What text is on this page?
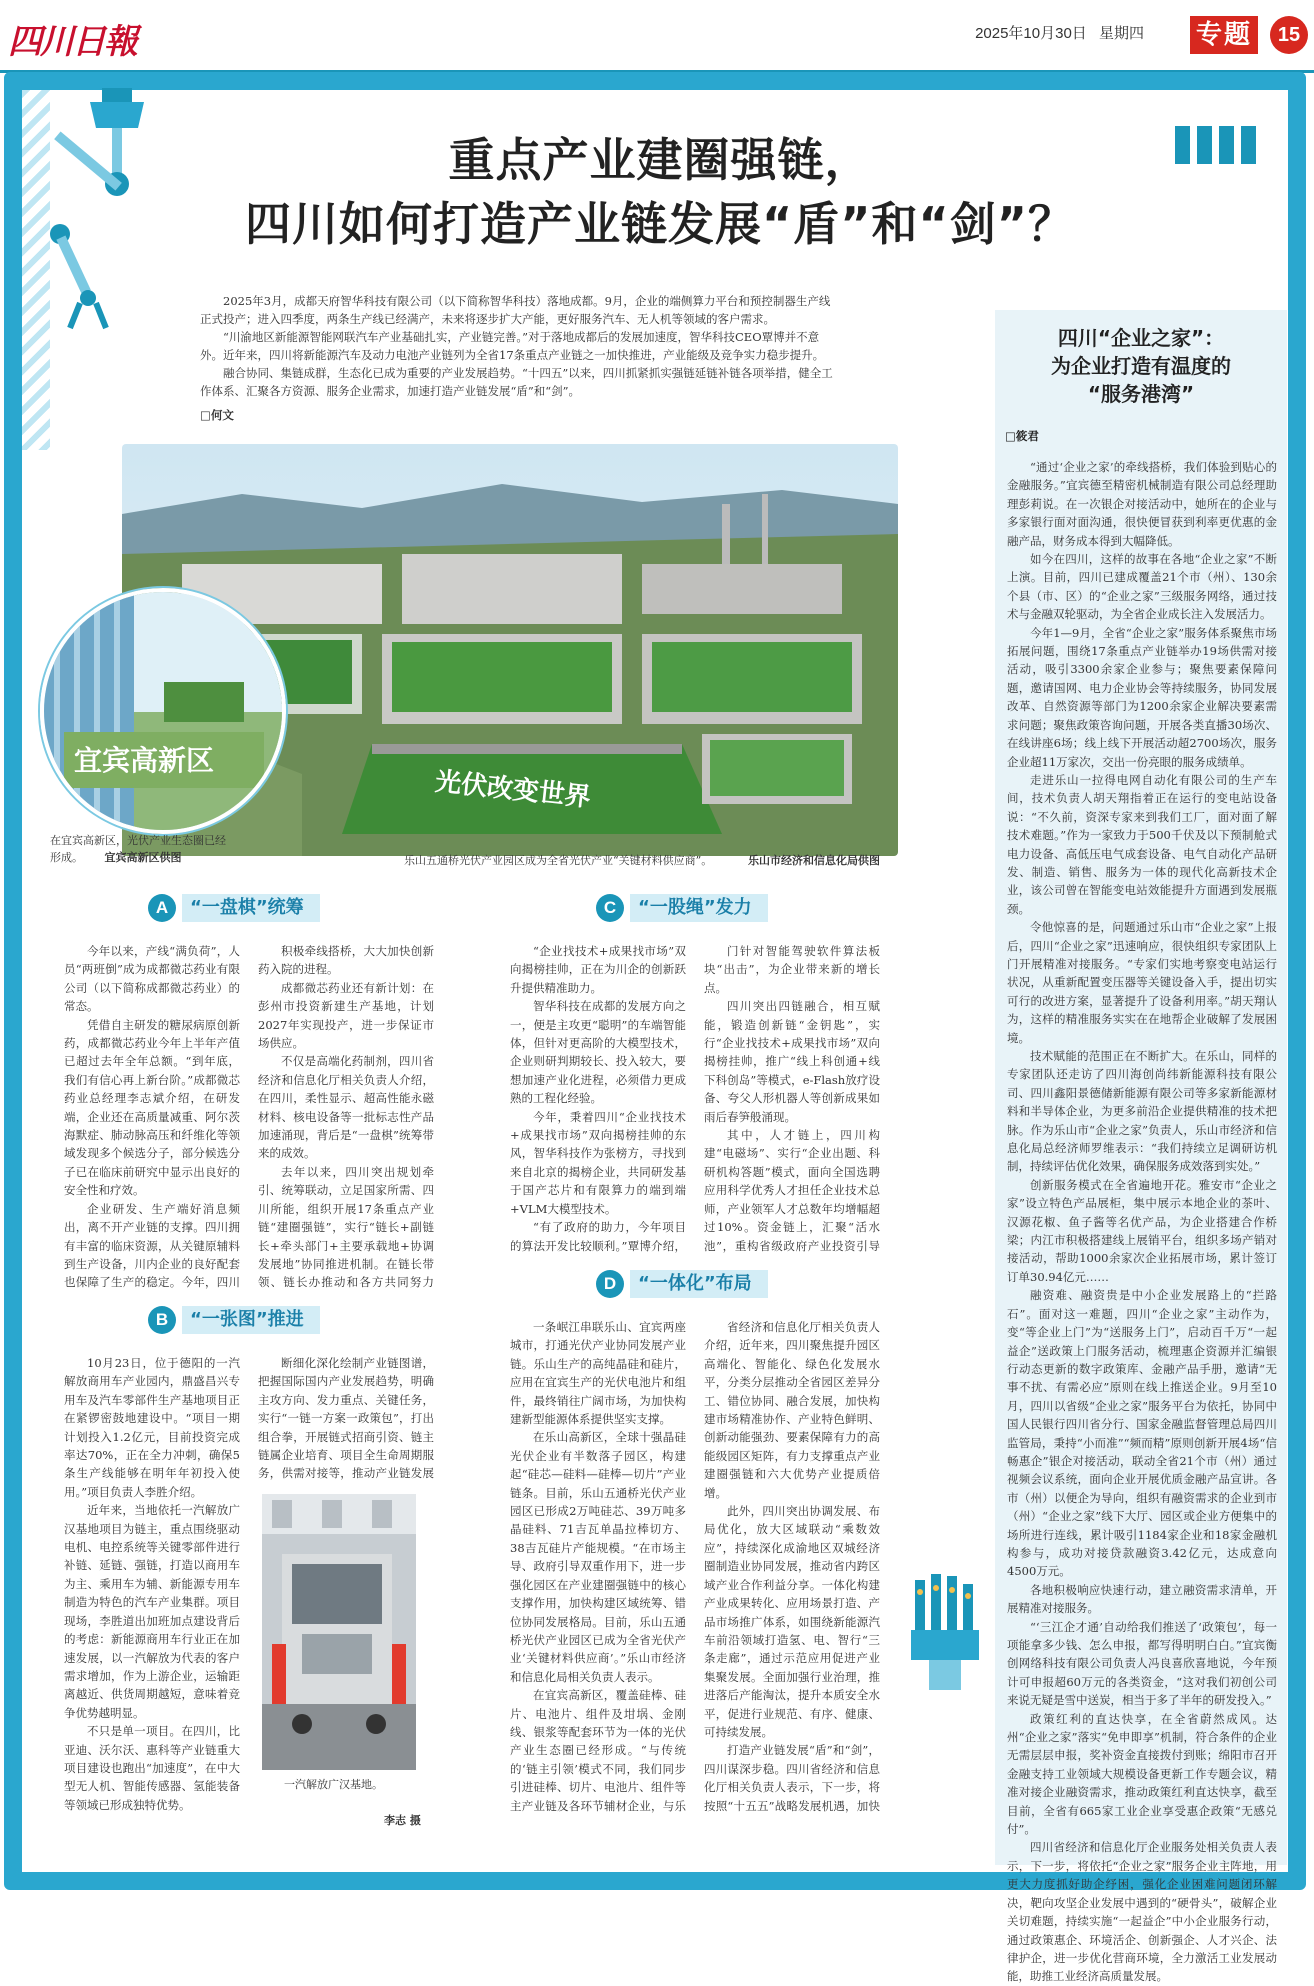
四川日報	2025年10月30日 星期四 专题	15
重点产业建圈强链，
四川如何打造产业链发展“盾”和“剑”？

2025年3月，成都天府智华科技有限公司（以下简称智华科技）落地成都。9月，企业的端侧算力平台和预控制器生产线正式投产；进入四季度，两条生产线已经满产，未来将逐步扩大产能，更好服务汽车、无人机等领域的客户需求。

“川渝地区新能源智能网联汽车产业基础扎实，产业链完善。”对于落地成都后的发展加速度，智华科技CEO覃博并不意外。近年来，四川将新能源汽车及动力电池产业链列为全省17条重点产业链之一加快推进，产业能级及竞争实力稳步提升。

融合协同、集链成群，生态化已成为重要的产业发展趋势。“十四五”以来，四川抓紧抓实强链延链补链各项举措，健全工作体系、汇聚各方资源、服务企业需求，加速打造产业链发展“盾”和“剑”。

□何文

光伏改变世界
宜宾高新区
在宜宾高新区，光伏产业生态圈已经形成。 宜宾高新区供图	乐山五通桥光伏产业园区成为全省光伏产业“关键材料供应商”。	乐山市经济和信息化局供图
A	“一盘棋”统筹	C	“一股绳”发力
B	“一张图”推进
D	“一体化”布局

今年以来，产线“满负荷”，人员“两班倒”成为成都微芯药业有限公司（以下简称成都微芯药业）的常态。

凭借自主研发的糖尿病原创新药，成都微芯药业今年上半年产值已超过去年全年总额。“到年底，我们有信心再上新台阶。”成都微芯药业总经理李志斌介绍，在研发端，企业还在高质量减重、阿尔茨海默症、肺动脉高压和纤维化等领域发现多个候选分子，部分候选分子已在临床前研究中显示出良好的安全性和疗效。

企业研发、生产端好消息频出，离不开产业链的支撑。四川拥有丰富的临床资源，从关键原辅料到生产设备，川内企业的良好配套也保障了生产的稳定。今年，四川

积极牵线搭桥，大大加快创新药入院的进程。

成都微芯药业还有新计划：在彭州市投资新建生产基地，计划2027年实现投产，进一步保证市场供应。

不仅是高端化药制剂，四川省经济和信息化厅相关负责人介绍，在四川，柔性显示、超高性能永磁材料、核电设备等一批标志性产品加速涌现，背后是“一盘棋”统筹带来的成效。

去年以来，四川突出规划牵引、统筹联动，立足国家所需、四川所能，组织开展17条重点产业链“建圈强链”，实行“链长+副链长+牵头部门+主要承载地+协调发展地”协同推进机制。在链长带领、链长办推动和各方共同努力

“企业找技术+成果找市场”双向揭榜挂帅，正在为川企的创新跃升提供精准助力。

智华科技在成都的发展方向之一，便是主攻更“聪明”的车端智能体，但针对更高阶的大模型技术，企业则研判期较长、投入较大，要想加速产业化进程，必须借力更成熟的工程化经验。

今年，秉着四川“企业找技术+成果找市场”双向揭榜挂帅的东风，智华科技作为张榜方，寻找到来自北京的揭榜企业，共同研发基于国产芯片和有限算力的端到端+VLM大模型技术。

“有了政府的助力，今年项目的算法开发比较顺利。”覃博介绍，

门针对智能驾驶软件算法板块“出击”，为企业带来新的增长点。

四川突出四链融合，相互赋能，锻造创新链“金钥匙”，实行“企业找技术+成果找市场”双向揭榜挂帅，推广“线上科创通+线下科创岛”等模式，e-Flash放疗设备、夸父人形机器人等创新成果如雨后春笋般涌现。

其中，人才链上，四川构建“电磁场”、实行“企业出题、科研机构答题”模式，面向全国选聘应用科学优秀人才担任企业技术总师，产业领军人才总数年均增幅超过10%。资金链上，汇聚“活水池”，重构省级政府产业投资引导

10月23日，位于德阳的一汽解放商用车产业园内，鼎盛昌兴专用车及汽车零部件生产基地项目正在紧锣密鼓地建设中。“项目一期计划投入1.2亿元，目前投资完成率达70%，正在全力冲刺，确保5条生产线能够在明年年初投入使用。”项目负责人李胜介绍。

近年来，当地依托一汽解放广汉基地项目为链主，重点围绕驱动电机、电控系统等关键零部件进行补链、延链、强链，打造以商用车为主、乘用车为辅、新能源专用车制造为特色的汽车产业集群。项目现场，李胜道出加班加点建设背后的考虑：新能源商用车行业正在加速发展，以一汽解放为代表的客户需求增加，作为上游企业，运输距离越近、供货周期越短，意味着竞争优势越明显。

不只是单一项目。在四川，比亚迪、沃尔沃、惠科等产业链重大项目建设也跑出“加速度”，在中大型无人机、智能传感器、氢能装备等领域已形成独特优势。

断细化深化绘制产业链图谱，把握国际国内产业发展趋势，明确主攻方向、发力重点、关键任务，实行“一链一方案一政策包”，打出组合拳，开展链式招商引资、链主链属企业培育、项目全生命周期服务，供需对接等，推动产业链发展

一条岷江串联乐山、宜宾两座城市，打通光伏产业协同发展产业链。乐山生产的高纯晶硅和硅片，应用在宜宾生产的光伏电池片和组件，最终销往广阔市场，为加快构建新型能源体系提供坚实支撑。

在乐山高新区，全球十强晶硅光伏企业有半数落子园区，构建起“硅芯—硅料—硅棒—切片”产业链条。目前，乐山五通桥光伏产业园区已形成2万吨硅芯、39万吨多晶硅料、71吉瓦单晶拉棒切方、38吉瓦硅片产能规模。“在市场主导、政府引导双重作用下，进一步强化园区在产业建圈强链中的核心支撑作用，加快构建区域统筹、错位协同发展格局。目前，乐山五通桥光伏产业园区已成为全省光伏产业‘关键材料供应商’。”乐山市经济和信息化局相关负责人表示。

在宜宾高新区，覆盖硅棒、硅片、电池片、组件及坩埚、金刚线、银浆等配套环节为一体的光伏产业生态圈已经形成。“与传统的‘链主引领’模式不同，我们同步引进硅棒、切片、电池片、组件等主产业链及各环节辅材企业，与乐

省经济和信息化厅相关负责人介绍，近年来，四川聚焦提升园区高端化、智能化、绿色化发展水平，分类分层推动全省园区差异分工、错位协同、融合发展，加快构建市场精准协作、产业特色鲜明、创新动能强劲、要素保障有力的高能级园区矩阵，有力支撑重点产业建圈强链和六大优势产业提质倍增。

此外，四川突出协调发展、布局优化，放大区域联动“乘数效应”，持续深化成渝地区双城经济圈制造业协同发展，推动省内跨区域产业合作利益分享。一体化构建产业成果转化、应用场景打造、产品市场推广体系，如围绕新能源汽车前沿领域打造氢、电、智行“三条走廊”，通过示范应用促进产业集聚发展。全面加强行业治理，推进落后产能淘汰，提升本质安全水平，促进行业规范、有序、健康、可持续发展。

打造产业链发展“盾”和“剑”，四川谋深步稳。四川省经济和信息化厅相关负责人表示，下一步，将按照“十五五”战略发展机遇，加快

一汽解放广汉基地。
李志 摄
四川“企业之家”：
为企业打造有温度的
“服务港湾”
□筱君

“通过‘企业之家’的牵线搭桥，我们体验到贴心的金融服务。”宜宾德至精密机械制造有限公司总经理助理彭莉说。在一次银企对接活动中，她所在的企业与多家银行面对面沟通，很快便冒获到利率更优惠的金融产品，财务成本得到大幅降低。

如今在四川，这样的故事在各地“企业之家”不断上演。目前，四川已建成覆盖21个市（州）、130余个县（市、区）的“企业之家”三级服务网络，通过技术与金融双轮驱动，为全省企业成长注入发展活力。

今年1—9月，全省“企业之家”服务体系聚焦市场拓展问题，围绕17条重点产业链举办19场供需对接活动，吸引3300余家企业参与；聚焦要素保障问题，邀请国网、电力企业协会等持续服务，协同发展改革、自然资源等部门为1200余家企业解决要素需求问题；聚焦政策咨询问题，开展各类直播30场次、在线讲座6场；线上线下开展活动超2700场次，服务企业超11万家次，交出一份亮眼的服务成绩单。

走进乐山一拉得电网自动化有限公司的生产车间，技术负责人胡天翔指着正在运行的变电站设备说：“不久前，资深专家来到我们工厂，面对面了解技术难题。”作为一家致力于500千伏及以下预制舱式电力设备、高低压电气成套设备、电气自动化产品研发、制造、销售、服务为一体的现代化高新技术企业，该公司曾在智能变电站效能提升方面遇到发展瓶颈。

令他惊喜的是，问题通过乐山市“企业之家”上报后，四川“企业之家”迅速响应，很快组织专家团队上门开展精准对接服务。“专家们实地考察变电站运行状况，从重新配置变压器等关键设备入手，提出切实可行的改进方案，显著提升了设备利用率。”胡天翔认为，这样的精准服务实实在在地帮企业破解了发展困境。

技术赋能的范围正在不断扩大。在乐山，同样的专家团队还走访了四川海创尚纬新能源科技有限公司、四川鑫阳景德储新能源有限公司等多家新能源材料和半导体企业，为更多前沿企业提供精准的技术把脉。作为乐山市“企业之家”负责人，乐山市经济和信息化局总经济师罗维表示：“我们持续立足调研访机制，持续评估优化效果，确保服务成效落到实处。”

创新服务模式在全省遍地开花。雅安市“企业之家”设立特色产品展柜，集中展示本地企业的茶叶、汉源花椒、鱼子酱等名优产品，为企业搭建合作桥梁；内江市积极搭建线上展销平台，组织多场产销对接活动，帮助1000余家次企业拓展市场，累计签订订单30.94亿元……

融资难、融资贵是中小企业发展路上的“拦路石”。面对这一难题，四川“企业之家”主动作为，变“等企业上门”为“送服务上门”，启动百千万“一起益企”送政策上门服务活动，梳理惠企资源并汇编银行动态更新的数字政策库、金融产品手册，邀请“无事不扰、有需必应”原则在线上推送企业。9月至10月，四川以省级“企业之家”服务平台为依托，协同中国人民银行四川省分行、国家金融监督管理总局四川监管局，秉持“小而准”“频而精”原则创新开展4场“信畅惠企”银企对接活动，联动全省21个市（州）通过视频会议系统，面向企业开展优质金融产品宣讲。各市（州）以便企为导向，组织有融资需求的企业到市（州）“企业之家”线下大厅、园区或企业方便集中的场所进行连线，累计吸引1184家企业和18家金融机构参与，成功对接贷款融资3.42亿元，达成意向4500万元。

各地积极响应快速行动，建立融资需求清单，开展精准对接服务。

“‘三江企才通’自动给我们推送了‘政策包’，每一项能拿多少钱、怎么申报，都写得明明白白。”宜宾衡创网络科技有限公司负责人冯良喜欣喜地说，今年预计可申报超60万元的各类资金，“这对我们初创公司来说无疑是雪中送炭，相当于多了半年的研发投入。”

政策红利的直达快享，在全省蔚然成风。达州“企业之家”落实“免申即享”机制，符合条件的企业无需层层申报，奖补资金直接拨付到账；绵阳市召开金融支持工业领域大规模设备更新工作专题会议，精准对接企业融资需求，推动政策红利直达快享，截至目前，全省有665家工业企业享受惠企政策“无感兑付”。

四川省经济和信息化厅企业服务处相关负责人表示，下一步，将依托“企业之家”服务企业主阵地，用更大力度抓好助企纾困，强化企业困难问题闭环解决，靶向攻坚企业发展中遇到的“硬骨头”，破解企业关切难题，持续实施“一起益企”中小企业服务行动，通过政策惠企、环境活企、创新强企、人才兴企、法律护企，进一步优化营商环境，全力激活工业发展动能，助推工业经济高质量发展。
